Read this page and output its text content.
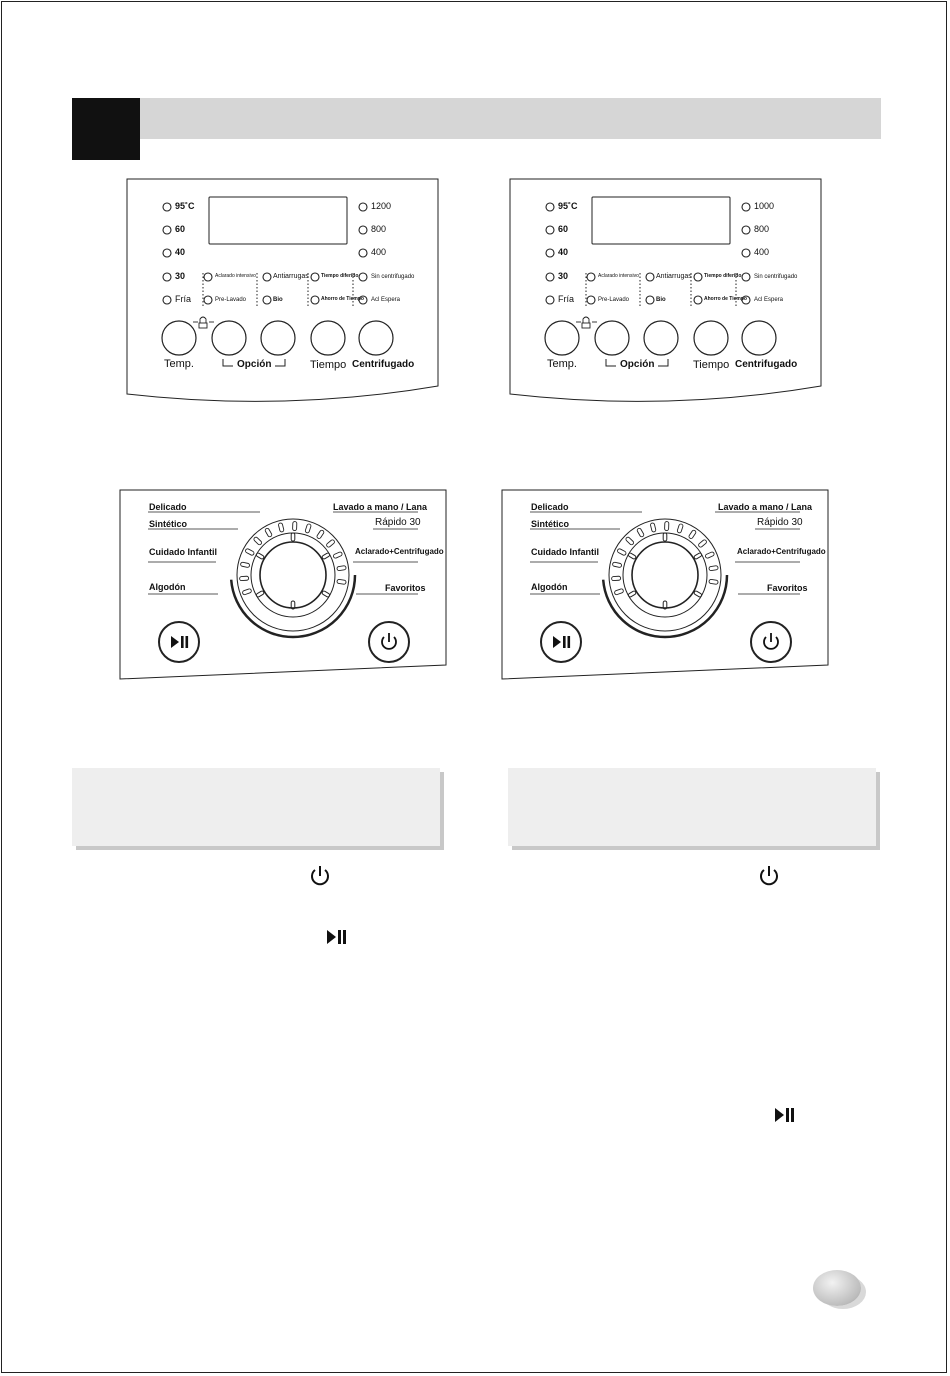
95˚C
60
40
30
Fría
1200
800
400
Sin centrifugado
Acl Espera
Aclarado intensivo Antiarrugas Tiempo diferido
Pre-Lavado	Bio	Ahorro de Tiempo
Temp.	Opción	Tiempo Centrifugado
95˚C
60
40
30
Fría
1000
800
400
Sin centrifugado
Acl Espera
Aclarado intensivo Antiarrugas Tiempo diferido
Pre-Lavado	Bio	Ahorro de Tiempo
Temp.	Opción	Tiempo Centrifugado
Delicado
Sintético
Cuidado Infantil
Algodón
Lavado a mano / Lana
Rápido 30
Aclarado+Centrifugado
Favoritos
Delicado
Sintético
Cuidado Infantil
Algodón
Lavado a mano / Lana
Rápido 30
Aclarado+Centrifugado
Favoritos
